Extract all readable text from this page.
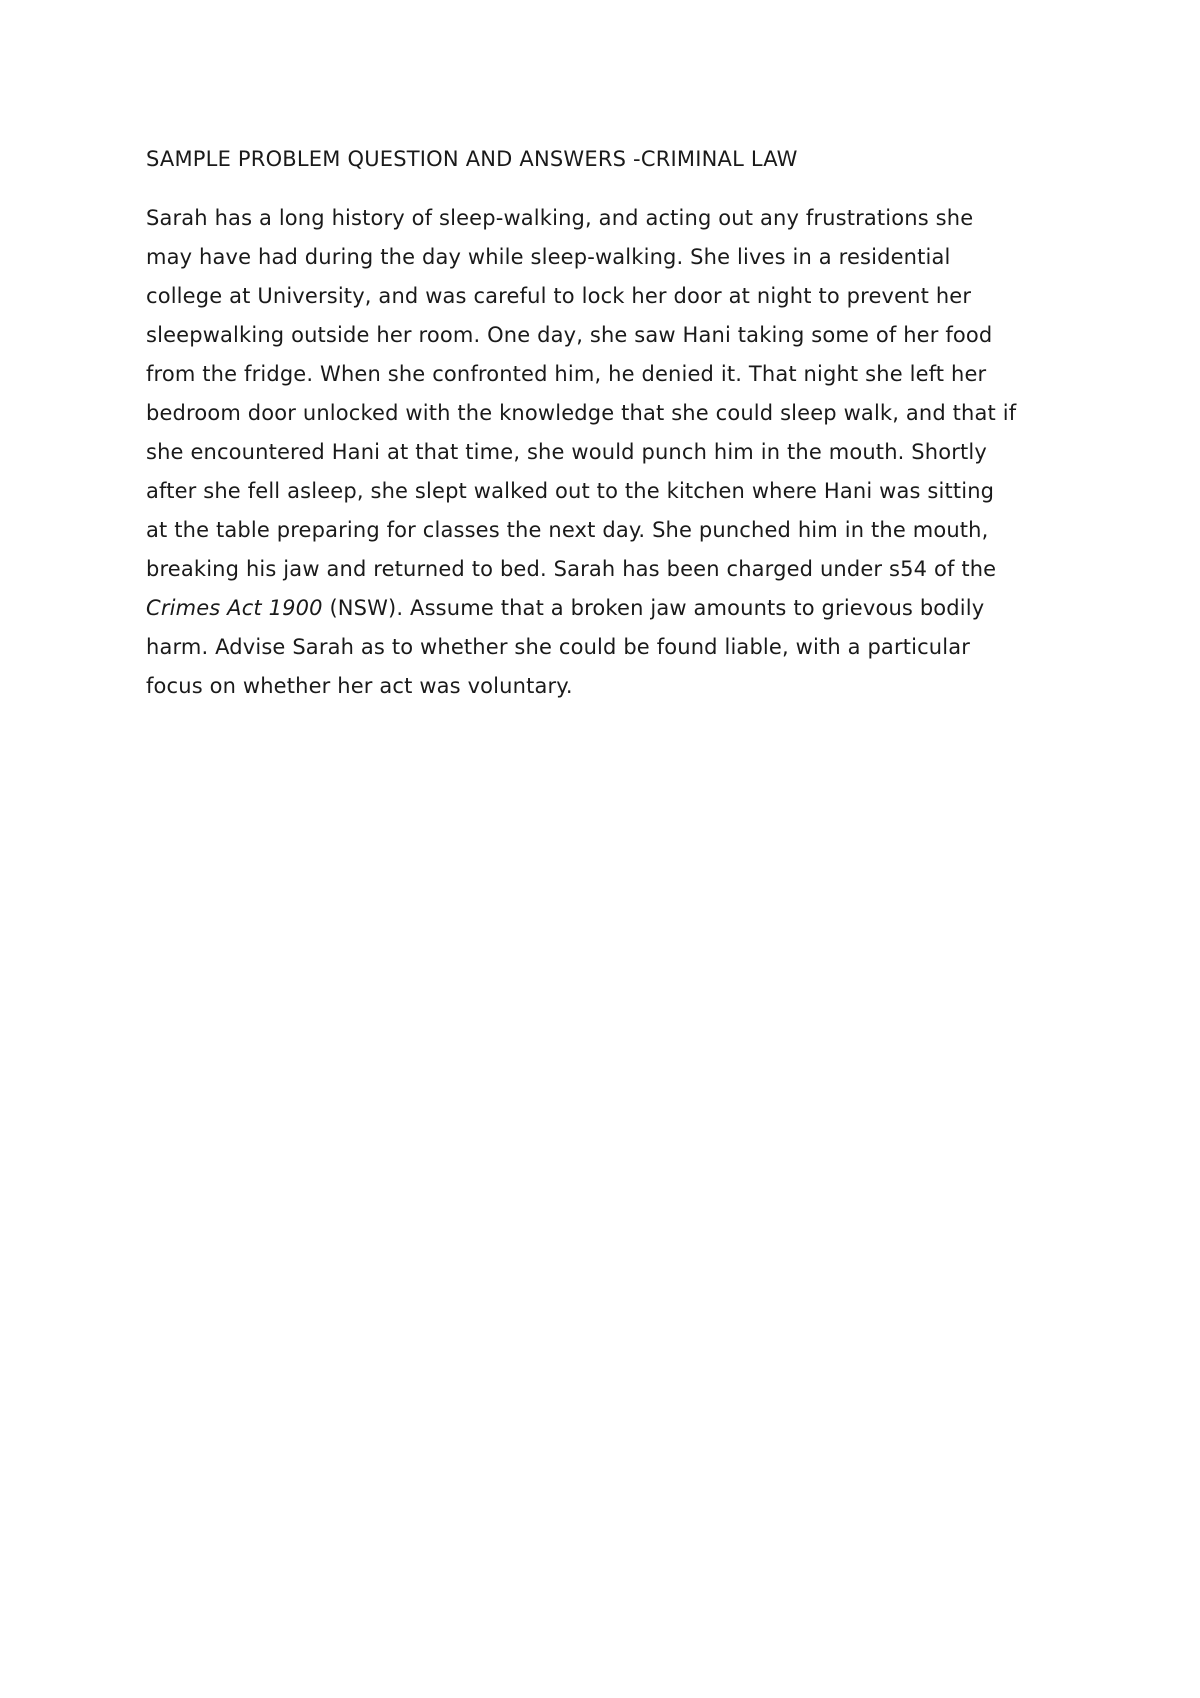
SAMPLE PROBLEM QUESTION AND ANSWERS -CRIMINAL LAW

Sarah has a long history of sleep-walking, and acting out any frustrations she
may have had during the day while sleep-walking. She lives in a residential
college at University, and was careful to lock her door at night to prevent her
sleepwalking outside her room. One day, she saw Hani taking some of her food
from the fridge. When she confronted him, he denied it. That night she left her
bedroom door unlocked with the knowledge that she could sleep walk, and that if
she encountered Hani at that time, she would punch him in the mouth. Shortly
after she fell asleep, she slept walked out to the kitchen where Hani was sitting
at the table preparing for classes the next day. She punched him in the mouth,
breaking his jaw and returned to bed. Sarah has been charged under s54 of the
Crimes Act 1900 (NSW). Assume that a broken jaw amounts to grievous bodily
harm. Advise Sarah as to whether she could be found liable, with a particular
focus on whether her act was voluntary.
